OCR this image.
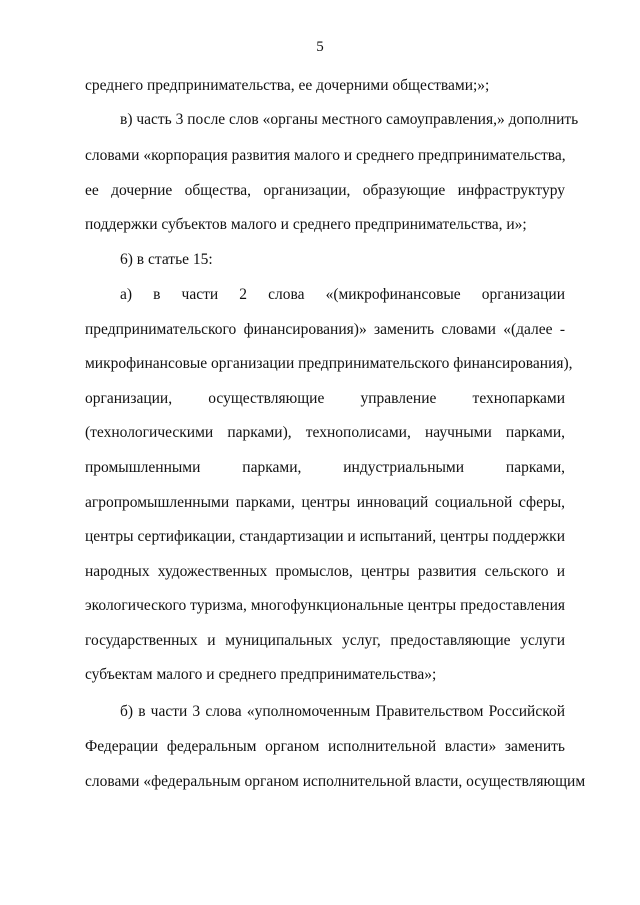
5
среднего предпринимательства, ее дочерними обществами;»;
в) часть 3 после слов «органы местного самоуправления,» дополнить
словами «корпорация развития малого и среднего предпринимательства,
ее дочерние общества, организации, образующие инфраструктуру
поддержки субъектов малого и среднего предпринимательства, и»;
6) в статье 15:
а) в части 2 слова «(микрофинансовые организации
предпринимательского финансирования)» заменить словами «(далее -
микрофинансовые организации предпринимательского финансирования),
организации, осуществляющие управление технопарками
(технологическими парками), технополисами, научными парками,
промышленными парками, индустриальными парками,
агропромышленными парками, центры инноваций социальной сферы,
центры сертификации, стандартизации и испытаний, центры поддержки
народных художественных промыслов, центры развития сельского и
экологического туризма, многофункциональные центры предоставления
государственных и муниципальных услуг, предоставляющие услуги
субъектам малого и среднего предпринимательства»;
б) в части 3 слова «уполномоченным Правительством Российской
Федерации федеральным органом исполнительной власти» заменить
словами «федеральным органом исполнительной власти, осуществляющим
